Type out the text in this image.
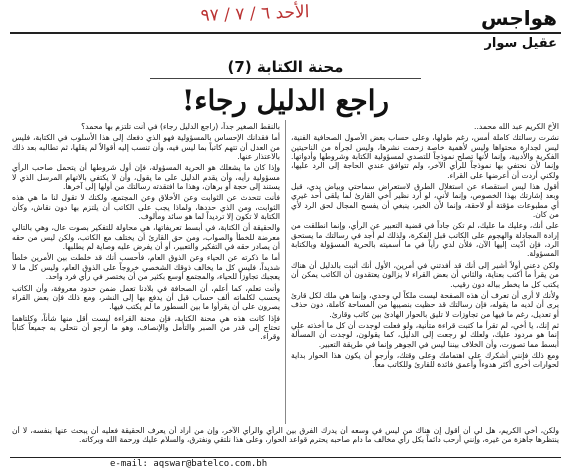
الأحد ٦ / ٧ / ٩٧	هواجس
عقيل سوار
محنة الكتابة (7)
راجع الدليل رجاء!

الأخ الكريم عبد الله محمد..

نشرت رسالتك كاملة أمس، رغم طولها، وعلى حساب بعض الأصول الصحافية الفنية، ليس لجدارة محتواها وليس لأهمية خاصة زحمت نشرها، وليس لجرأة من الناحيتين الفكرية والأدبية، وإنما لأنها تصلح نموذجاً للتصدي لمسؤولية الكتابة وشروطها وأدواتها. وإنما لأن نحتفي بها نموذجاً للرأي الآخر، ولم تتوافق عندي الحاجة إلى الرد عليها، ولكني أردت أن أعرضها على القراء.

أقول هذا ليس استقصاء عن استغلال الطرق لاستعراض سماحتي وبياض يدي، قبل وبعد إشارتك بهذا الخصوص، وإنما لأني، لو أرد نظير أخي القارئ لما يلقى أحد غيري أي مطبوعات مؤقتة أو لاحقة، وإنما لأن الخبر، ينبغي أن يفسح المجال لحق الرد لأي من كان.

على أنك، وعليك ما عليك، لم تكن جاداً في قضية التعبير عن الرأي، وإنما انطلقت من إرادة المجادلة والهجوم على الكاتب قبل الفكرة، ولذلك لم أجد في رسالتك ما يستحق الرد، فإن أدّيت إليها الآن، فلأن لدي رأياً في ما أسميته بالحرية المسؤولة وبالكتابة المسؤولة.

ولكن دعني أولاً أشير إلى أنك قد أفدتني في أمرين، الأول أنك أثبت بالدليل أن هناك من يقرأ ما أكتب بعناية، والثاني أن بعض القراء لا يزالون يعتقدون أن الكاتب يمكن أن يكتب كل ما يخطر بباله دون رقيب.

ولأنك لا أرى أن تعرف أن هذه الصفحة ليست ملكاً لي وحدي، وإنما هي ملك لكل قارئ يرى أن لديه ما يقوله، فإن رسالتك قد حظيت بنصيبها من المساحة كاملة، دون حذف أو تعديل، رغم ما فيها من تجاوزات لا تليق بالحوار الهادئ بين كاتب وقارئ.

ثم إنك، يا أخي، لم تقرأ ما كتبت قراءة متأنية، ولو فعلت لوجدت أن كل ما أخذته علي إنما هو مردود عليك، ولعلك لو رجعت إلى الدليل، كما يقولون، لوجدت أن المسألة أبسط مما تصورت، وأن الخلاف بيننا ليس في الجوهر وإنما في طريقة التعبير.

ومع ذلك فإنني أشكرك على اهتمامك وعلى وقتك، وأرجو أن يكون هذا الحوار بداية لحوارات أخرى أكثر هدوءاً وأعمق فائدة للقارئ وللكاتب معاً.

بالنقط الصغير جداً، (راجع الدليل رجاء) في أنت تلتزم بها محمد؟

أما فقدانك الإحساس بالمسؤولية فهو الذي دفعك إلى هذا الأسلوب في الكتابة، فليس من العدل أن تتهم كاتباً بما ليس فيه، وأن تنسب إليه أقوالاً لم يقلها، ثم تطالبه بعد ذلك بالاعتذار عنها.

وإذا كان ما يشغلك هو الحرية المسؤولة، فإن أول شروطها أن يتحمل صاحب الرأي مسؤولية رأيه، وأن يقدم الدليل على ما يقول، وأن لا يكتفي بالاتهام المرسل الذي لا يستند إلى حجة أو برهان، وهذا ما افتقدته رسالتك من أولها إلى آخرها.

فأنت تتحدث عن الثوابت وعن الأخلاق وعن المجتمع، ولكنك لا تقول لنا ما هي هذه الثوابت، ومن الذي حددها، ولماذا يجب على الكاتب أن يلتزم بها دون نقاش، وكأن الكتابة لا تكون إلا ترديداً لما هو سائد ومألوف.

والحقيقة أن الكتابة، في أبسط تعريفاتها، هي محاولة للتفكير بصوت عال، وهي بالتالي معرضة للخطأ والصواب، ومن حق القارئ أن يختلف مع الكاتب، ولكن ليس من حقه أن يصادر حقه في التفكير والتعبير، أو أن يفرض عليه وصاية لم يطلبها.

أما ما ذكرته عن الحياء وعن الذوق العام، فأحسب أنك قد خلطت بين الأمرين خلطاً شديداً، فليس كل ما يخالف ذوقك الشخصي خروجاً على الذوق العام، وليس كل ما لا يعجبك تجاوزاً للحياء، والمجتمع أوسع بكثير من أن يختصر في رأي فرد واحد.

وأنت تعلم، كما أعلم، أن الصحافة في بلادنا تعمل ضمن حدود معروفة، وأن الكاتب يحسب لكلماته ألف حساب قبل أن يدفع بها إلى النشر، ومع ذلك فإن بعض القراء يصرون على أن يقرأوا ما بين السطور ما لم يكتب فيها.

فإذا كانت هذه هي محنة الكتابة، فإن محنة القراءة ليست أقل منها شأناً، وكلتاهما تحتاج إلى قدر من الصبر والتأمل والإنصاف، وهو ما أرجو أن نتحلى به جميعاً كتاباً وقراء.

ولكن، أخي الكريم، هل لي أن أقول إن هناك من ليس في وسعه أن يدرك الفرق بين الرأي والرأي الآخر، وإن من أراد أن يعرف الحقيقة فعليه أن يبحث عنها بنفسه، لا أن ينتظرها جاهزة من غيره، وإنني أرحب دائماً بكل رأي مخالف ما دام صاحبه يحترم قواعد الحوار، وعلى هذا نلتقي ونفترق، والسلام عليك ورحمة الله وبركاته.
e-mail: aqswar@batelco.com.bh
